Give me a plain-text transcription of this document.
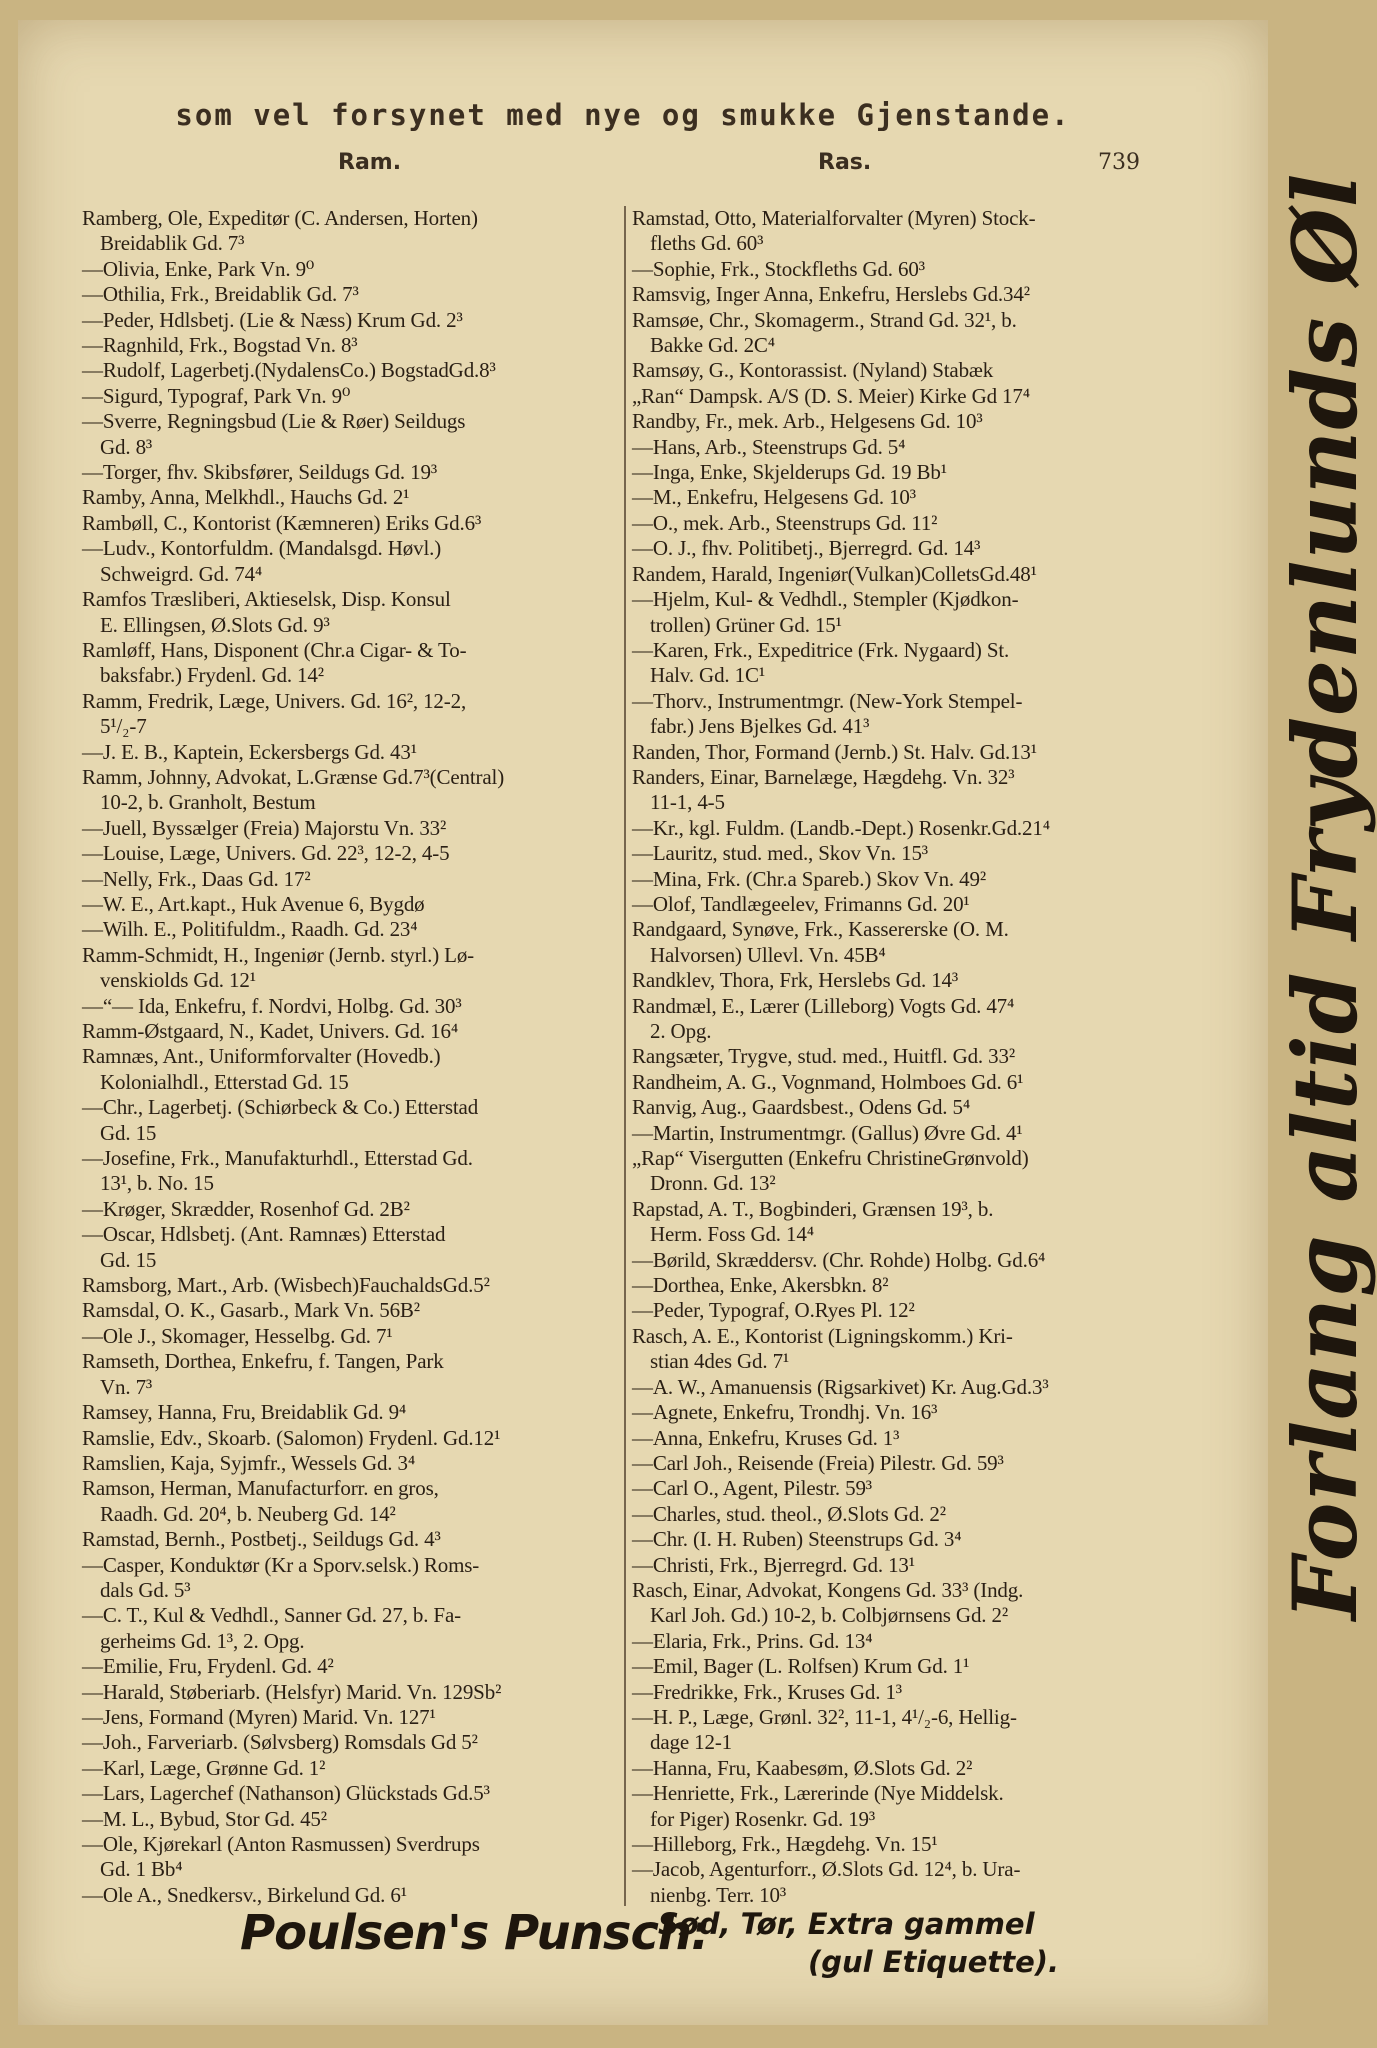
som vel forsynet med nye og smukke Gjenstande.
Ram.	Ras.	739
Ramberg, Ole, Expeditør (C. Andersen, Horten)
Breidablik Gd. 7³
—Olivia, Enke, Park Vn. 9⁰
—Othilia, Frk., Breidablik Gd. 7³
—Peder, Hdlsbetj. (Lie & Næss) Krum Gd. 2³
—Ragnhild, Frk., Bogstad Vn. 8³
—Rudolf, Lagerbetj.(NydalensCo.) BogstadGd.8³
—Sigurd, Typograf, Park Vn. 9⁰
—Sverre, Regningsbud (Lie & Røer) Seildugs
Gd. 8³
—Torger, fhv. Skibsfører, Seildugs Gd. 19³
Ramby, Anna, Melkhdl., Hauchs Gd. 2¹
Rambøll, C., Kontorist (Kæmneren) Eriks Gd.6³
—Ludv., Kontorfuldm. (Mandalsgd. Høvl.)
Schweigrd. Gd. 74⁴
Ramfos Træsliberi, Aktieselsk, Disp. Konsul
E. Ellingsen, Ø.Slots Gd. 9³
Ramløff, Hans, Disponent (Chr.a Cigar- & To-
baksfabr.) Frydenl. Gd. 14²
Ramm, Fredrik, Læge, Univers. Gd. 16², 12-2,
5¹/₂-7
—J. E. B., Kaptein, Eckersbergs Gd. 43¹
Ramm, Johnny, Advokat, L.Grænse Gd.7³(Central)
10-2, b. Granholt, Bestum
—Juell, Byssælger (Freia) Majorstu Vn. 33²
—Louise, Læge, Univers. Gd. 22³, 12-2, 4-5
—Nelly, Frk., Daas Gd. 17²
—W. E., Art.kapt., Huk Avenue 6, Bygdø
—Wilh. E., Politifuldm., Raadh. Gd. 23⁴
Ramm-Schmidt, H., Ingeniør (Jernb. styrl.) Lø-
venskiolds Gd. 12¹
—“— Ida, Enkefru, f. Nordvi, Holbg. Gd. 30³
Ramm-Østgaard, N., Kadet, Univers. Gd. 16⁴
Ramnæs, Ant., Uniformforvalter (Hovedb.)
Kolonialhdl., Etterstad Gd. 15
—Chr., Lagerbetj. (Schiørbeck & Co.) Etterstad
Gd. 15
—Josefine, Frk., Manufakturhdl., Etterstad Gd.
13¹, b. No. 15
—Krøger, Skrædder, Rosenhof Gd. 2B²
—Oscar, Hdlsbetj. (Ant. Ramnæs) Etterstad
Gd. 15
Ramsborg, Mart., Arb. (Wisbech)FauchaldsGd.5²
Ramsdal, O. K., Gasarb., Mark Vn. 56B²
—Ole J., Skomager, Hesselbg. Gd. 7¹
Ramseth, Dorthea, Enkefru, f. Tangen, Park
Vn. 7³
Ramsey, Hanna, Fru, Breidablik Gd. 9⁴
Ramslie, Edv., Skoarb. (Salomon) Frydenl. Gd.12¹
Ramslien, Kaja, Syjmfr., Wessels Gd. 3⁴
Ramson, Herman, Manufacturforr. en gros,
Raadh. Gd. 20⁴, b. Neuberg Gd. 14²
Ramstad, Bernh., Postbetj., Seildugs Gd. 4³
—Casper, Konduktør (Kr a Sporv.selsk.) Roms-
dals Gd. 5³
—C. T., Kul & Vedhdl., Sanner Gd. 27, b. Fa-
gerheims Gd. 1³, 2. Opg.
—Emilie, Fru, Frydenl. Gd. 4²
—Harald, Støberiarb. (Helsfyr) Marid. Vn. 129Sb²
—Jens, Formand (Myren) Marid. Vn. 127¹
—Joh., Farveriarb. (Sølvsberg) Romsdals Gd 5²
—Karl, Læge, Grønne Gd. 1²
—Lars, Lagerchef (Nathanson) Glückstads Gd.5³
—M. L., Bybud, Stor Gd. 45²
—Ole, Kjørekarl (Anton Rasmussen) Sverdrups
Gd. 1 Bb⁴
—Ole A., Snedkersv., Birkelund Gd. 6¹
Ramstad, Otto, Materialforvalter (Myren) Stock-
fleths Gd. 60³
—Sophie, Frk., Stockfleths Gd. 60³
Ramsvig, Inger Anna, Enkefru, Herslebs Gd.34²
Ramsøe, Chr., Skomagerm., Strand Gd. 32¹, b.
Bakke Gd. 2C⁴
Ramsøy, G., Kontorassist. (Nyland) Stabæk
„Ran“ Dampsk. A/S (D. S. Meier) Kirke Gd 17⁴
Randby, Fr., mek. Arb., Helgesens Gd. 10³
—Hans, Arb., Steenstrups Gd. 5⁴
—Inga, Enke, Skjelderups Gd. 19 Bb¹
—M., Enkefru, Helgesens Gd. 10³
—O., mek. Arb., Steenstrups Gd. 11²
—O. J., fhv. Politibetj., Bjerregrd. Gd. 14³
Randem, Harald, Ingeniør(Vulkan)ColletsGd.48¹
—Hjelm, Kul- & Vedhdl., Stempler (Kjødkon-
trollen) Grüner Gd. 15¹
—Karen, Frk., Expeditrice (Frk. Nygaard) St.
Halv. Gd. 1C¹
—Thorv., Instrumentmgr. (New-York Stempel-
fabr.) Jens Bjelkes Gd. 41³
Randen, Thor, Formand (Jernb.) St. Halv. Gd.13¹
Randers, Einar, Barnelæge, Hægdehg. Vn. 32³
11-1, 4-5
—Kr., kgl. Fuldm. (Landb.-Dept.) Rosenkr.Gd.21⁴
—Lauritz, stud. med., Skov Vn. 15³
—Mina, Frk. (Chr.a Spareb.) Skov Vn. 49²
—Olof, Tandlægeelev, Frimanns Gd. 20¹
Randgaard, Synøve, Frk., Kassererske (O. M.
Halvorsen) Ullevl. Vn. 45B⁴
Randklev, Thora, Frk, Herslebs Gd. 14³
Randmæl, E., Lærer (Lilleborg) Vogts Gd. 47⁴
2. Opg.
Rangsæter, Trygve, stud. med., Huitfl. Gd. 33²
Randheim, A. G., Vognmand, Holmboes Gd. 6¹
Ranvig, Aug., Gaardsbest., Odens Gd. 5⁴
—Martin, Instrumentmgr. (Gallus) Øvre Gd. 4¹
„Rap“ Visergutten (Enkefru ChristineGrønvold)
Dronn. Gd. 13²
Rapstad, A. T., Bogbinderi, Grænsen 19³, b.
Herm. Foss Gd. 14⁴
—Børild, Skræddersv. (Chr. Rohde) Holbg. Gd.6⁴
—Dorthea, Enke, Akersbkn. 8²
—Peder, Typograf, O.Ryes Pl. 12²
Rasch, A. E., Kontorist (Ligningskomm.) Kri-
stian 4des Gd. 7¹
—A. W., Amanuensis (Rigsarkivet) Kr. Aug.Gd.3³
—Agnete, Enkefru, Trondhj. Vn. 16³
—Anna, Enkefru, Kruses Gd. 1³
—Carl Joh., Reisende (Freia) Pilestr. Gd. 59³
—Carl O., Agent, Pilestr. 59³
—Charles, stud. theol., Ø.Slots Gd. 2²
—Chr. (I. H. Ruben) Steenstrups Gd. 3⁴
—Christi, Frk., Bjerregrd. Gd. 13¹
Rasch, Einar, Advokat, Kongens Gd. 33³ (Indg.
Karl Joh. Gd.) 10-2, b. Colbjørnsens Gd. 2²
—Elaria, Frk., Prins. Gd. 13⁴
—Emil, Bager (L. Rolfsen) Krum Gd. 1¹
—Fredrikke, Frk., Kruses Gd. 1³
—H. P., Læge, Grønl. 32², 11-1, 4¹/₂-6, Hellig-
dage 12-1
—Hanna, Fru, Kaabesøm, Ø.Slots Gd. 2²
—Henriette, Frk., Lærerinde (Nye Middelsk.
for Piger) Rosenkr. Gd. 19³
—Hilleborg, Frk., Hægdehg. Vn. 15¹
—Jacob, Agenturforr., Ø.Slots Gd. 12⁴, b. Ura-
nienbg. Terr. 10³
Forlang altid Frydenlunds Øl
Poulsen's Punsch:
Sød, Tør, Extra gammel
(gul Etiquette).
